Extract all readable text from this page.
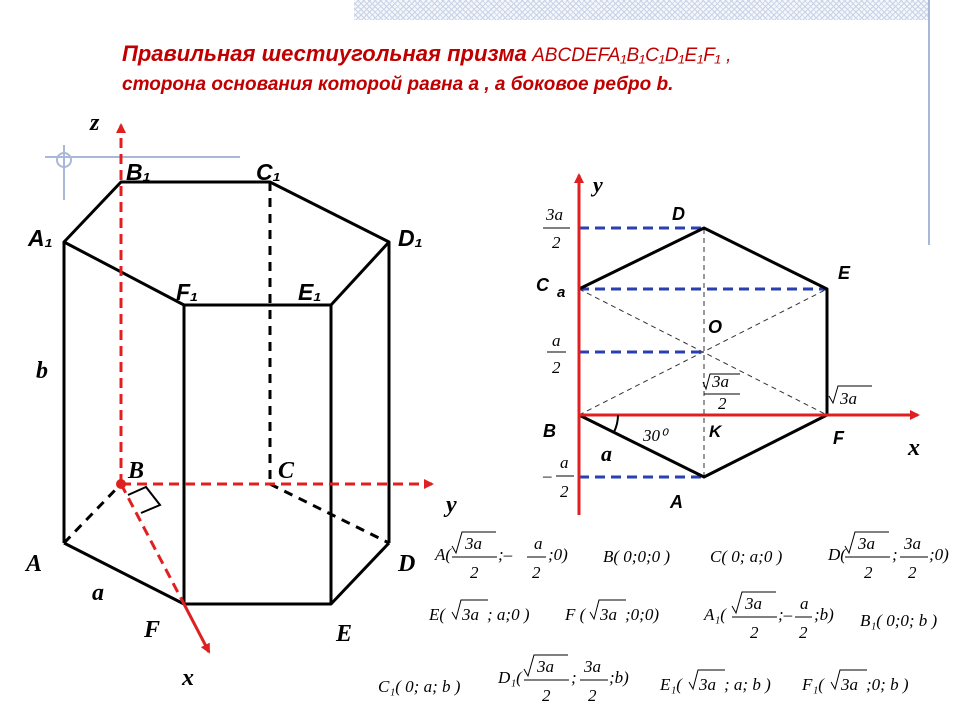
Правильная шестиугольная призма ABCDEFA₁B₁C₁D₁E₁F₁ ,
сторона основания которой равна a , а боковое ребро b.
z
y
x
B₁	C₁
A₁	D₁
F₁	E₁
b
B	C
A	D
a
F	E
y
x
D
C a
E
O
B	K	F
A
a
30⁰
3a
2
a
2
–
a
2
3a
2	3a
A(
3a
2
;–
a
2
;0) B( 0;0;0 ) C( 0; a;0 )	D(
3a
2
;
3a
2
;0)
E( 3a ; a;0 ) F ( 3a ;0;0)	A₁(
3a
2
;–
a
2
;b) B₁( 0;0; b )
C₁( 0; a; b ) D₁(
3a
2
;
3a
2
;b) E₁( 3a ; a; b ) F₁( 3a ;0; b )
